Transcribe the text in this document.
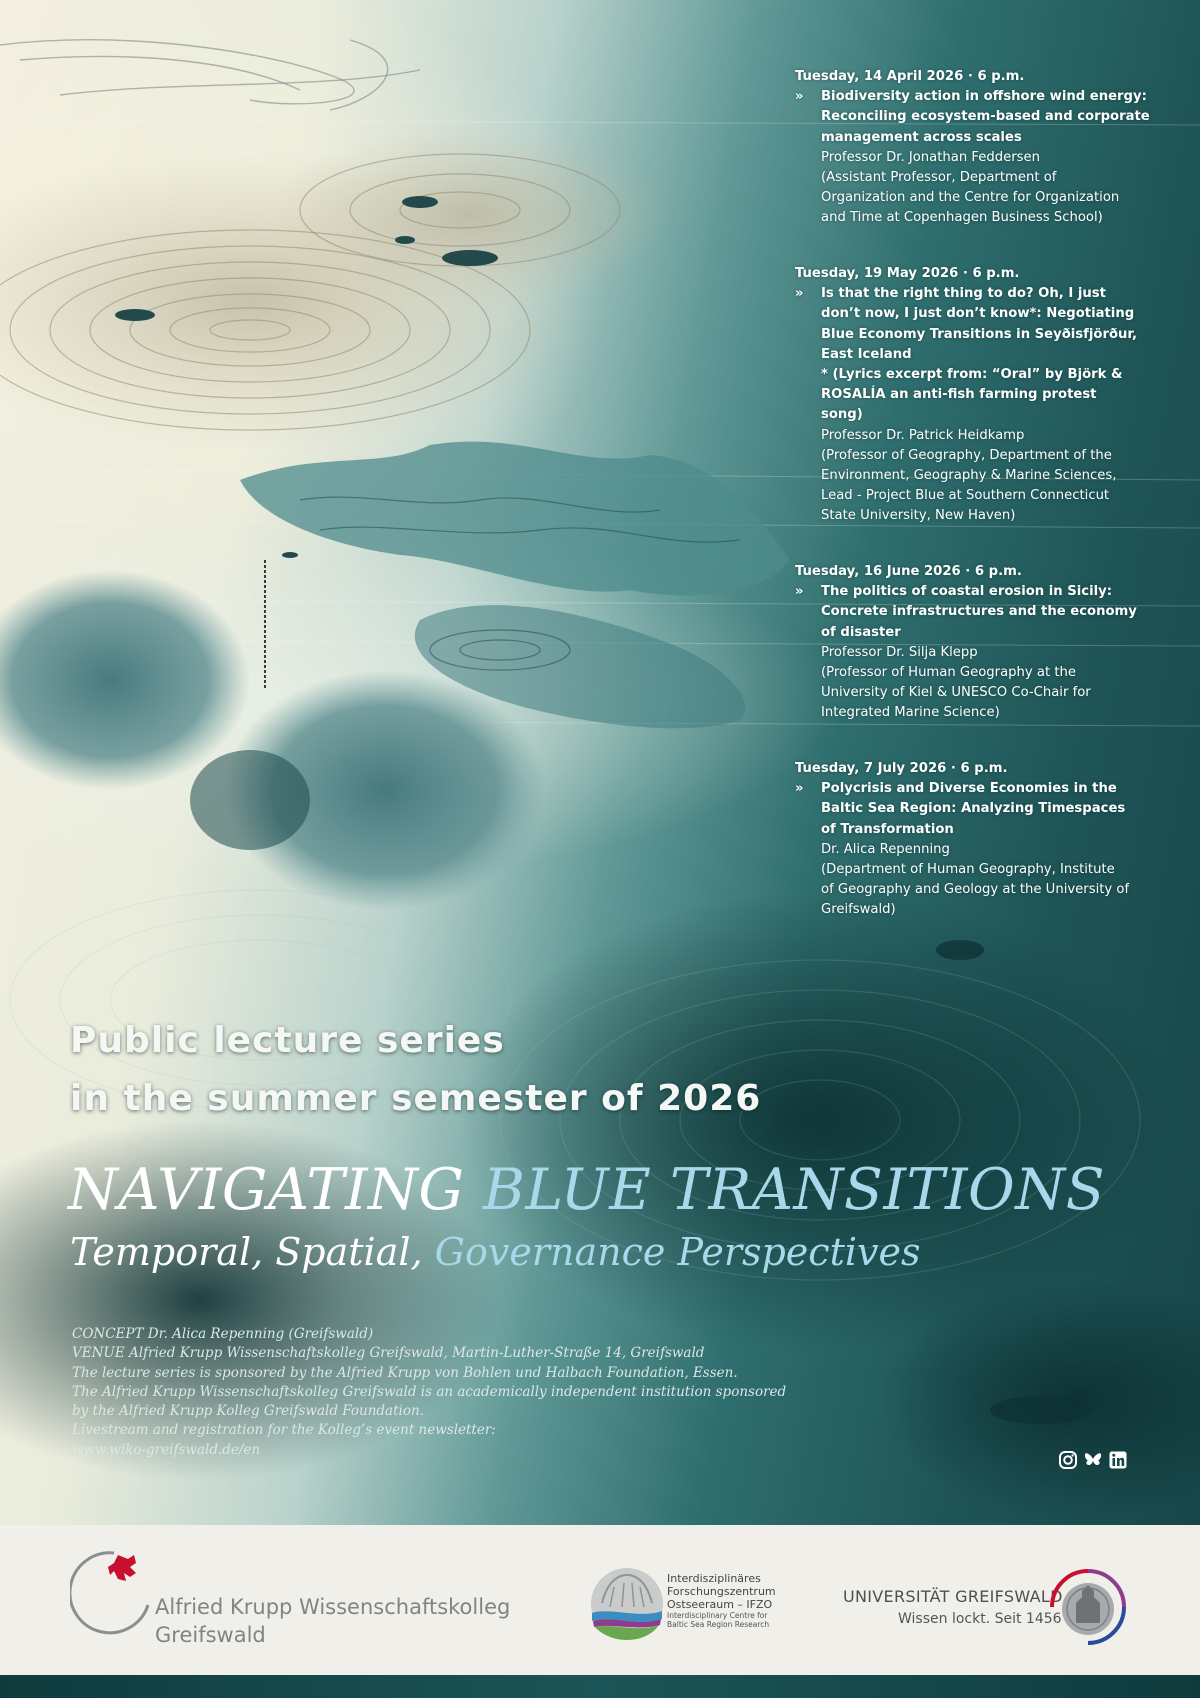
Tuesday, 14 April 2026 · 6 p.m.
» Biodiversity action in offshore wind energy:
Reconciling ecosystem-based and corporate
management across scales
Professor Dr. Jonathan Feddersen
(Assistant Professor, Department of
Organization and the Centre for Organization
and Time at Copenhagen Business School)
Tuesday, 19 May 2026 · 6 p.m.
» Is that the right thing to do? Oh, I just
don’t now, I just don’t know*: Negotiating
Blue Economy Transitions in Seyðisfjörður,
East Iceland
* (Lyrics excerpt from: “Oral” by Björk &
ROSALÍA an anti-fish farming protest
song)
Professor Dr. Patrick Heidkamp
(Professor of Geography, Department of the
Environment, Geography & Marine Sciences,
Lead - Project Blue at Southern Connecticut
State University, New Haven)
Tuesday, 16 June 2026 · 6 p.m.
» The politics of coastal erosion in Sicily:
Concrete infrastructures and the economy
of disaster
Professor Dr. Silja Klepp
(Professor of Human Geography at the
University of Kiel & UNESCO Co-Chair for
Integrated Marine Science)
Tuesday, 7 July 2026 · 6 p.m.
» Polycrisis and Diverse Economies in the
Baltic Sea Region: Analyzing Timespaces
of Transformation
Dr. Alica Repenning
(Department of Human Geography, Institute
of Geography and Geology at the University of
Greifswald)
Public lecture series
in the summer semester of 2026
NAVIGATING BLUE TRANSITIONS
Temporal, Spatial, Governance Perspectives
CONCEPT Dr. Alica Repenning (Greifswald)
VENUE Alfried Krupp Wissenschaftskolleg Greifswald, Martin-Luther-Straße 14, Greifswald
The lecture series is sponsored by the Alfried Krupp von Bohlen und Halbach Foundation, Essen.
The Alfried Krupp Wissenschaftskolleg Greifswald is an academically independent institution sponsored
by the Alfried Krupp Kolleg Greifswald Foundation.
Livestream and registration for the Kolleg’s event newsletter:
www.wiko-greifswald.de/en
Alfried Krupp Wissenschaftskolleg
Greifswald
Interdisziplinäres
Forschungszentrum
Ostseeraum – IFZO
Interdisciplinary Centre for
Baltic Sea Region Research
UNIVERSITÄT GREIFSWALD
Wissen lockt. Seit 1456
